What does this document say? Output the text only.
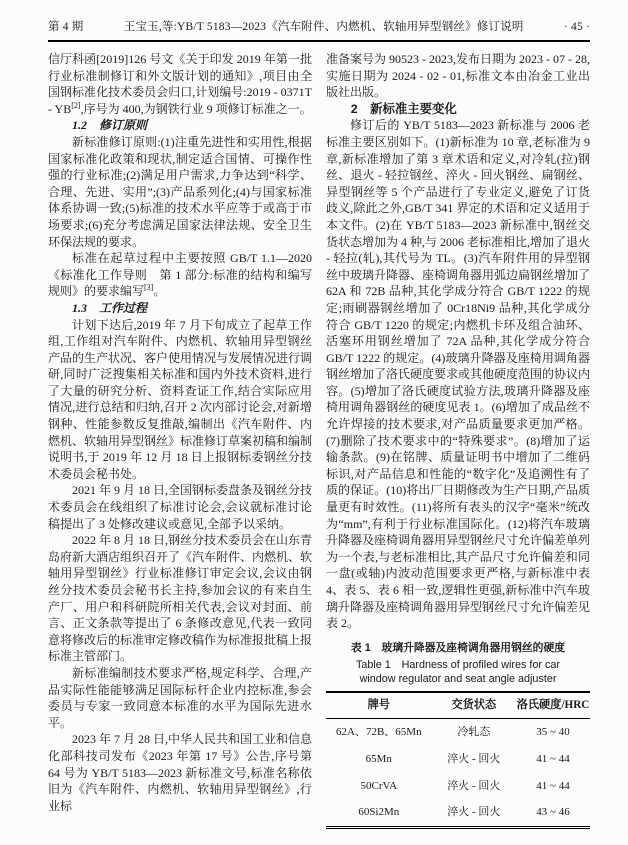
第 4 期	王宝玉,等:YB/T 5183—2023《汽车附件、内燃机、软轴用异型钢丝》修订说明	· 45 ·

信厅科函[2019]126 号文《关于印发 2019 年第一批行业标准制修订和外文版计划的通知》,项目由全国钢标准化技术委员会归口,计划编号:2019 - 0371T - YB[2],序号为 400,为钢铁行业 9 项修订标准之一。

1.2　修订原则

新标准修订原则:(1)注重先进性和实用性,根据国家标准化政策和现状,制定适合国情、可操作性强的行业标准;(2)满足用户需求,力争达到“科学、合理、先进、实用”;(3)产品系列化;(4)与国家标准体系协调一致;(5)标准的技术水平应等于或高于市场要求;(6)充分考虑满足国家法律法规、安全卫生环保法规的要求。

标准在起草过程中主要按照 GB/T 1.1—2020《标准化工作导则　第 1 部分:标准的结构和编写规则》的要求编写[3]。

1.3　工作过程

计划下达后,2019 年 7 月下旬成立了起草工作组,工作组对汽车附件、内燃机、软轴用异型钢丝产品的生产状况、客户使用情况与发展情况进行调研,同时广泛搜集相关标准和国内外技术资料,进行了大量的研究分析、资料查证工作,结合实际应用情况,进行总结和归纳,召开 2 次内部讨论会,对新增钢种、性能参数反复推敲,编制出《汽车附件、内燃机、软轴用异型钢丝》标准修订草案初稿和编制说明书,于 2019 年 12 月 18 日上报钢标委钢丝分技术委员会秘书处。

2021 年 9 月 18 日,全国钢标委盘条及钢丝分技术委员会在线组织了标准讨论会,会议就标准讨论稿提出了 3 处修改建议或意见,全部予以采纳。

2022 年 8 月 18 日,钢丝分技术委员会在山东青岛府新大酒店组织召开了《汽车附件、内燃机、软轴用异型钢丝》行业标准修订审定会议,会议由钢丝分技术委员会秘书长主持,参加会议的有来自生产厂、用户和科研院所相关代表,会议对封面、前言、正文条款等提出了 6 条修改意见,代表一致同意将修改后的标准审定修改稿作为标准报批稿上报标准主管部门。

新标准编制技术要求严格,规定科学、合理,产品实际性能能够满足国际标杆企业内控标准,参会委员与专家一致同意本标准的水平为国际先进水平。

2023 年 7 月 28 日,中华人民共和国工业和信息化部科技司发布《2023 年第 17 号》公告,序号第 64 号为 YB/T 5183—2023 新标准文号,标准名称依旧为《汽车附件、内燃机、软轴用异型钢丝》,行业标

准备案号为 90523 - 2023,发布日期为 2023 - 07 - 28,实施日期为 2024 - 02 - 01,标准文本由冶金工业出版社出版。

2　新标准主要变化

修订后的 YB/T 5183—2023 新标准与 2006 老标准主要区别如下。(1)新标准为 10 章,老标准为 9 章,新标准增加了第 3 章术语和定义,对冷轧(拉)钢丝、退火 - 轻拉钢丝、淬火 - 回火钢丝、扁钢丝、异型钢丝等 5 个产品进行了专业定义,避免了订货歧义,除此之外,GB/T 341 界定的术语和定义适用于本文件。(2)在 YB/T 5183—2023 新标准中,钢丝交货状态增加为 4 种,与 2006 老标准相比,增加了退火 - 轻拉(轧),其代号为 TL。(3)汽车附件用的异型钢丝中玻璃升降器、座椅调角器用弧边扁钢丝增加了 62A 和 72B 品种,其化学成分符合 GB/T 1222 的规定;雨刷器钢丝增加了 0Cr18Ni9 品种,其化学成分符合 GB/T 1220 的规定;内燃机卡环及组合油环、活塞环用钢丝增加了 72A 品种,其化学成分符合 GB/T 1222 的规定。(4)玻璃升降器及座椅用调角器钢丝增加了洛氏硬度要求或其他硬度范围的协议内容。(5)增加了洛氏硬度试验方法,玻璃升降器及座椅用调角器钢丝的硬度见表 1。(6)增加了成品丝不允许焊接的技术要求,对产品质量要求更加严格。(7)删除了技术要求中的“特殊要求”。(8)增加了运输条款。(9)在铭牌、质量证明书中增加了二维码标识,对产品信息和性能的“数字化”及追溯性有了质的保证。(10)将出厂日期修改为生产日期,产品质量更有时效性。(11)将所有表头的汉字“毫米”统改为“mm”,有利于行业标准国际化。(12)将汽车玻璃升降器及座椅调角器用异型钢丝尺寸允许偏差单列为一个表,与老标准相比,其产品尺寸允许偏差和同一盘(或轴)内波动范围要求更严格,与新标准中表 4、表 5、表 6 相一致,逻辑性更强,新标准中汽车玻璃升降器及座椅调角器用异型钢丝尺寸允许偏差见表 2。

表 1　玻璃升降器及座椅调角器用钢丝的硬度
Table 1　Hardness of profiled wires for car window regulator and seat angle adjuster
牌号	交货状态	洛氏硬度/HRC
62A、72B、65Mn	冷轧态	35 ~ 40
65Mn	淬火 - 回火	41 ~ 44
50CrVA	淬火 - 回火	41 ~ 44
60Si2Mn	淬火 - 回火	43 ~ 46
